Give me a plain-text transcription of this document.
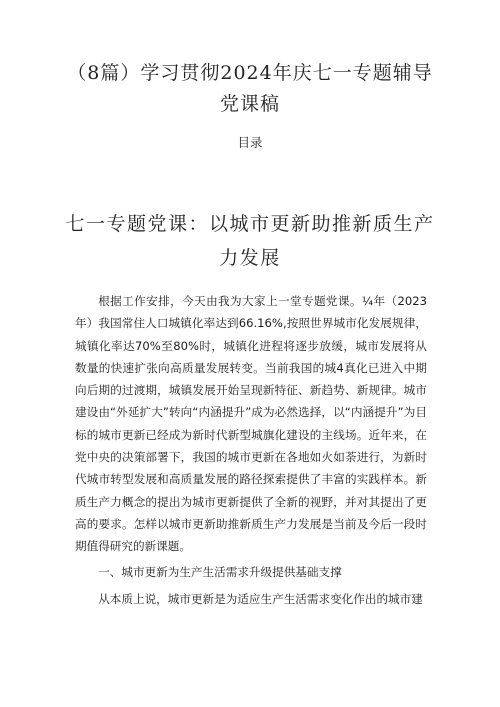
（8篇）学习贯彻2024年庆七一专题辅导党课稿
目录
七一专题党课：以城市更新助推新质生产力发展

根据工作安排，今天由我为大家上一堂专题党课。¼年（2023年）我国常住人口城镇化率达到66.16%,按照世界城市化发展规律，城镇化率达70%至80%时，城镇化进程将逐步放缓，城市发展将从数量的快速扩张向高质量发展转变。当前我国的城4真化已进入中期向后期的过渡期，城镇发展开始呈现新特征、新趋势、新规律。城市建设由“外延扩大”转向“内涵提升”成为必然选择，以“内涵提升”为目标的城市更新已经成为新时代新型城旗化建设的主线场。近年来，在党中央的决策部署下，我国的城市更新在各地如火如荼进行，为新时代城市转型发展和高质量发展的路径探索提供了丰富的实践样本。新质生产力概念的提出为城市更新提供了全新的视野，并对其提出了更高的要求。怎样以城市更新助推新质生产力发展是当前及今后一段时期值得研究的新课题。

一、城市更新为生产生活需求升级提供基础支撑

从本质上说，城市更新是为适应生产生活需求变化作出的城市建
